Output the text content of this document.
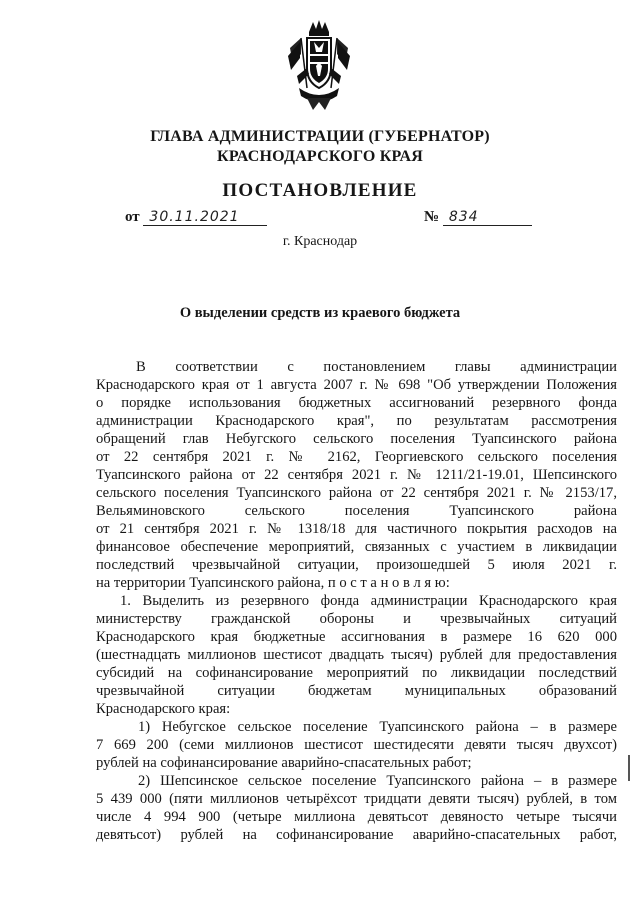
ГЛАВА АДМИНИСТРАЦИИ (ГУБЕРНАТОР)
КРАСНОДАРСКОГО КРАЯ
ПОСТАНОВЛЕНИЕ
от 30.11.2021	№ 834
г. Краснодар
О выделении средств из краевого бюджета
В соответствии с постановлением главы администрации
Краснодарского края от 1 августа 2007 г. № 698 "Об утверждении Положения
о порядке использования бюджетных ассигнований резервного фонда
администрации Краснодарского края", по результатам рассмотрения
обращений глав Небугского сельского поселения Туапсинского района
от 22 сентября 2021 г. № 2162, Георгиевского сельского поселения
Туапсинского района от 22 сентября 2021 г. № 1211/21-19.01, Шепсинского
сельского поселения Туапсинского района от 22 сентября 2021 г. № 2153/17,
Вельяминовского сельского поселения Туапсинского района
от 21 сентября 2021 г. № 1318/18 для частичного покрытия расходов на
финансовое обеспечение мероприятий, связанных с участием в ликвидации
последствий чрезвычайной ситуации, произошедшей 5 июля 2021 г.
на территории Туапсинского района, п о с т а н о в л я ю:
1. Выделить из резервного фонда администрации Краснодарского края
министерству гражданской обороны и чрезвычайных ситуаций
Краснодарского края бюджетные ассигнования в размере 16 620 000
(шестнадцать миллионов шестисот двадцать тысяч) рублей для предоставления
субсидий на софинансирование мероприятий по ликвидации последствий
чрезвычайной ситуации бюджетам муниципальных образований
Краснодарского края:
1) Небугское сельское поселение Туапсинского района – в размере
7 669 200 (семи миллионов шестисот шестидесяти девяти тысяч двухсот)
рублей на софинансирование аварийно-спасательных работ;
2) Шепсинское сельское поселение Туапсинского района – в размере
5 439 000 (пяти миллионов четырёхсот тридцати девяти тысяч) рублей, в том
числе 4 994 900 (четыре миллиона девятьсот девяносто четыре тысячи
девятьсот) рублей на софинансирование аварийно-спасательных работ,
